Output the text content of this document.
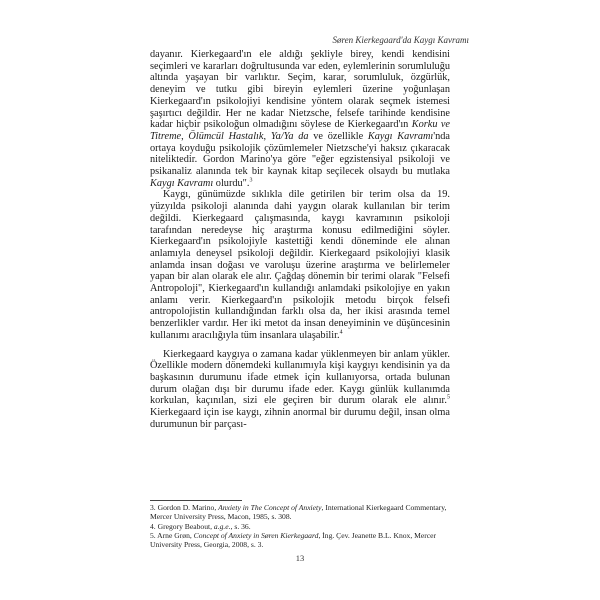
Søren Kierkegaard'da Kaygı Kavramı

dayanır. Kierkegaard'ın ele aldığı şekliyle birey, kendi kendisini seçimleri ve kararları doğrultusunda var eden, eylemlerinin sorumluluğu altında yaşayan bir varlıktır. Seçim, karar, sorumluluk, özgürlük, deneyim ve tutku gibi bireyin eylemleri üzerine yoğunlaşan Kierkegaard'ın psikolojiyi kendisine yöntem olarak seçmek istemesi şaşırtıcı değildir. Her ne kadar Nietzsche, felsefe tarihinde kendisine kadar hiçbir psikoloğun olmadığını söylese de Kierkegaard'ın Korku ve Titreme, Ölümcül Hastalık, Ya/Ya da ve özellikle Kaygı Kavramı'nda ortaya koyduğu psikolojik çözümlemeler Nietzsche'yi haksız çıkaracak niteliktedir. Gordon Marino'ya göre "eğer egzistensiyal psikoloji ve psikanaliz alanında tek bir kaynak kitap seçilecek olsaydı bu mutlaka Kaygı Kavramı olurdu".$^3$

Kaygı, günümüzde sıklıkla dile getirilen bir terim olsa da 19. yüzyılda psikoloji alanında dahi yaygın olarak kullanılan bir terim değildi. Kierkegaard çalışmasında, kaygı kavramının psikoloji tarafından neredeyse hiç araştırma konusu edilmediğini söyler. Kierkegaard'ın psikolojiyle kastettiği kendi döneminde ele alınan anlamıyla deneysel psikoloji değildir. Kierkegaard psikolojiyi klasik anlamda insan doğası ve varoluşu üzerine araştırma ve belirlemeler yapan bir alan olarak ele alır. Çağdaş dönemin bir terimi olarak "Felsefi Antropoloji", Kierkegaard'ın kullandığı anlamdaki psikolojiye en yakın anlamı verir. Kierkegaard'ın psikolojik metodu birçok felsefi antropolojistin kullandığından farklı olsa da, her ikisi arasında temel benzerlikler vardır. Her iki metot da insan deneyiminin ve düşüncesinin kullanımı aracılığıyla tüm insanlara ulaşabilir.$^4$

Kierkegaard kaygıya o zamana kadar yüklenmeyen bir anlam yükler. Özellikle modern dönemdeki kullanımıyla kişi kaygıyı kendisinin ya da başkasının durumunu ifade etmek için kullanıyorsa, ortada bulunan durum olağan dışı bir durumu ifade eder. Kaygı günlük kullanımda korkulan, kaçınılan, sizi ele geçiren bir durum olarak ele alınır.$^5$ Kierkegaard için ise kaygı, zihnin anormal bir durumu değil, insan olma durumunun bir parçası-

3. Gordon D. Marino, Anxiety in The Concept of Anxiety, International Kierkegaard Commentary, Mercer University Press, Macon, 1985, s. 308.

4. Gregory Beabout, a.g.e., s. 36.

5. Arne Grøn, Concept of Anxiety in Søren Kierkegaard, İng. Çev. Jeanette B.L. Knox, Mercer University Press, Georgia, 2008, s. 3.

13
